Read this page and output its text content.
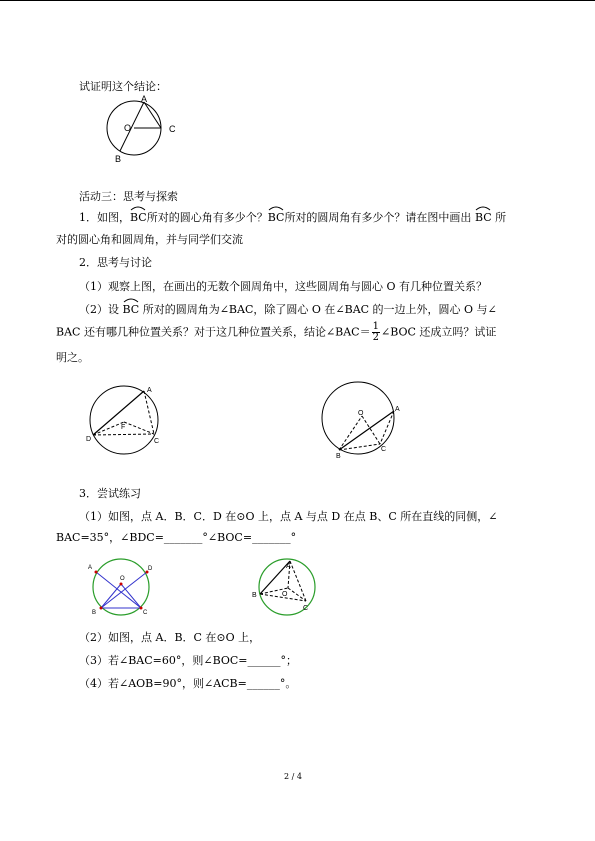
试证明这个结论：
A
O	C
B
活动三：思考与探索
1．如图，
BC所对的圆心角有多少个？
BC所对的圆周角有多少个？请在图中画出 BC 所
对的圆心角和圆周角，并与同学们交流
2．思考与讨论
（1）观察上图，在画出的无数个圆周角中，这些圆周角与圆心 O 有几种位置关系？
（2）设 BC 所对的圆周角为∠BAC，除了圆心 O 在∠BAC 的一边上外，圆心 O 与∠
BAC 还有哪几种位置关系？对于这几种位置关系，结论∠BAC＝ $\frac{1}{2}$ ∠BOC 还成立吗？试证
明之。
A
D
F
C
A
O
B
C
3．尝试练习
（1）如图，点 A．B．C．D 在⊙O 上，点 A 与点 D 在点 B、C 所在直线的同侧，∠
BAC=35°，∠BDC=_______°∠BOC=_______°
A
O
D
B	C
A
B	O
C
（2）如图，点 A．B．C 在⊙O 上，
（3）若∠BAC=60°，则∠BOC=______°；
（4）若∠AOB=90°，则∠ACB=______°。
2 / 4
